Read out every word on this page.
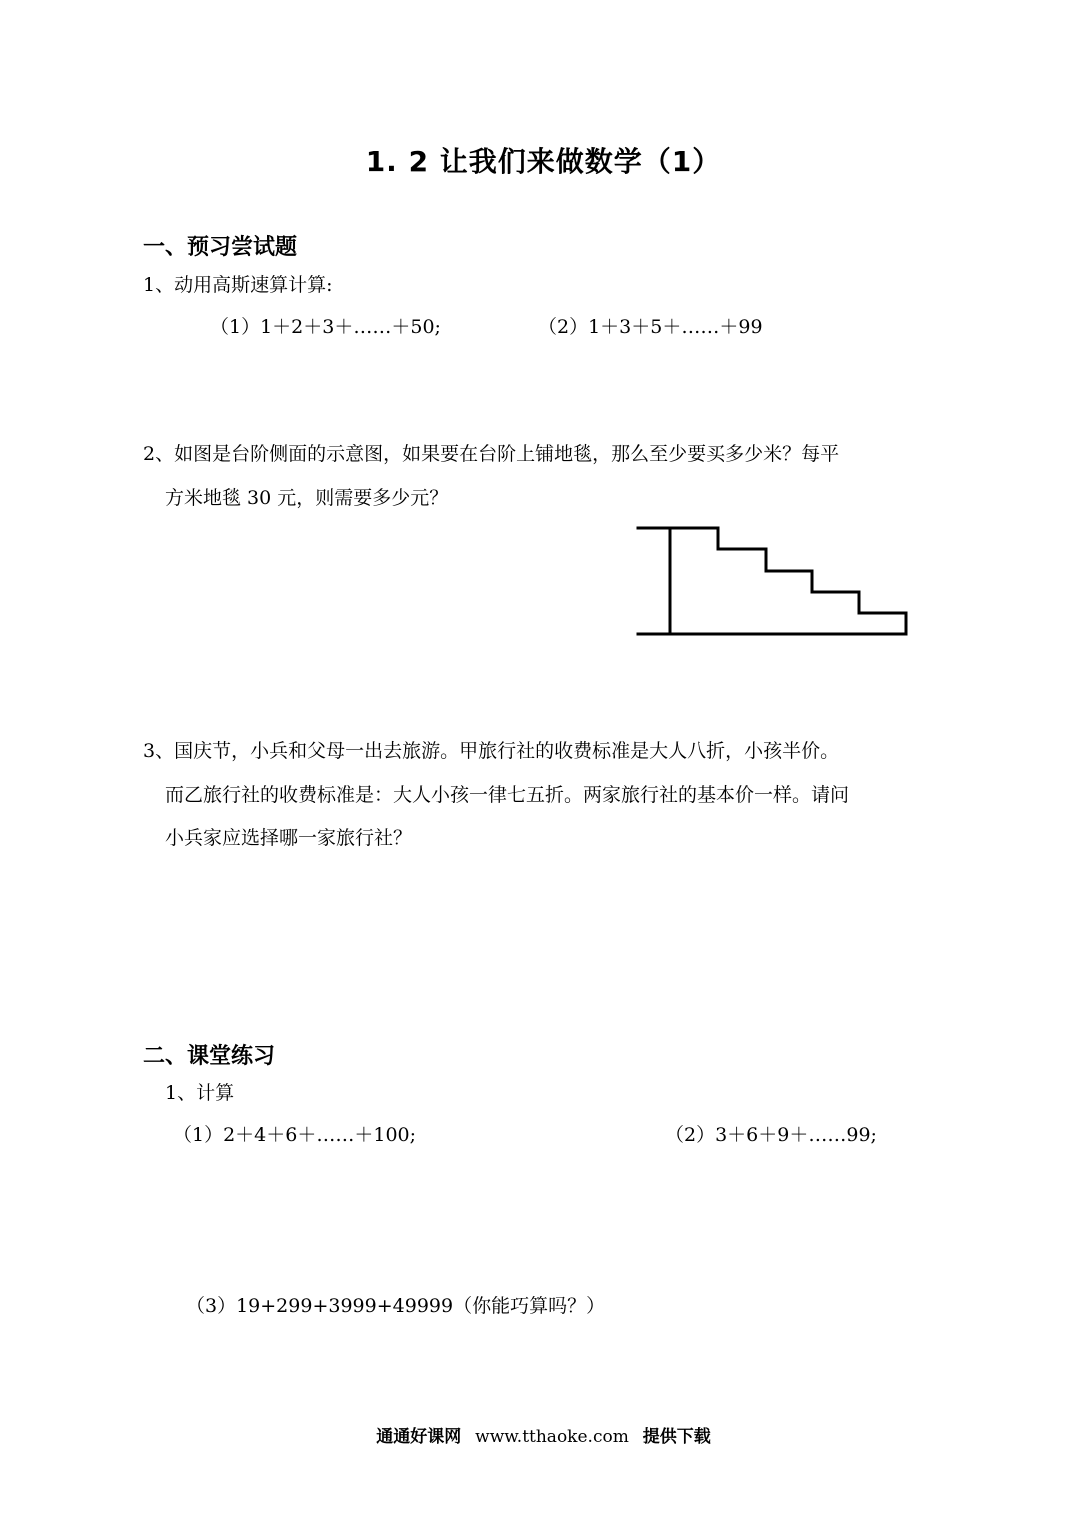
1. 2 让我们来做数学（1）
一、预习尝试题
1、动用高斯速算计算:
（1）1＋2＋3＋……＋50;	（2）1＋3＋5＋……＋99
2、如图是台阶侧面的示意图，如果要在台阶上铺地毯，那么至少要买多少米？每平
方米地毯 30 元，则需要多少元？
3、国庆节，小兵和父母一出去旅游。甲旅行社的收费标准是大人八折，小孩半价。
而乙旅行社的收费标准是：大人小孩一律七五折。两家旅行社的基本价一样。请问
小兵家应选择哪一家旅行社？
二、课堂练习
1、计算
（1）2＋4＋6＋……＋100;	（2）3＋6＋9＋……99;
（3）19+299+3999+49999（你能巧算吗？）
通通好课网 www.tthaoke.com 提供下载
